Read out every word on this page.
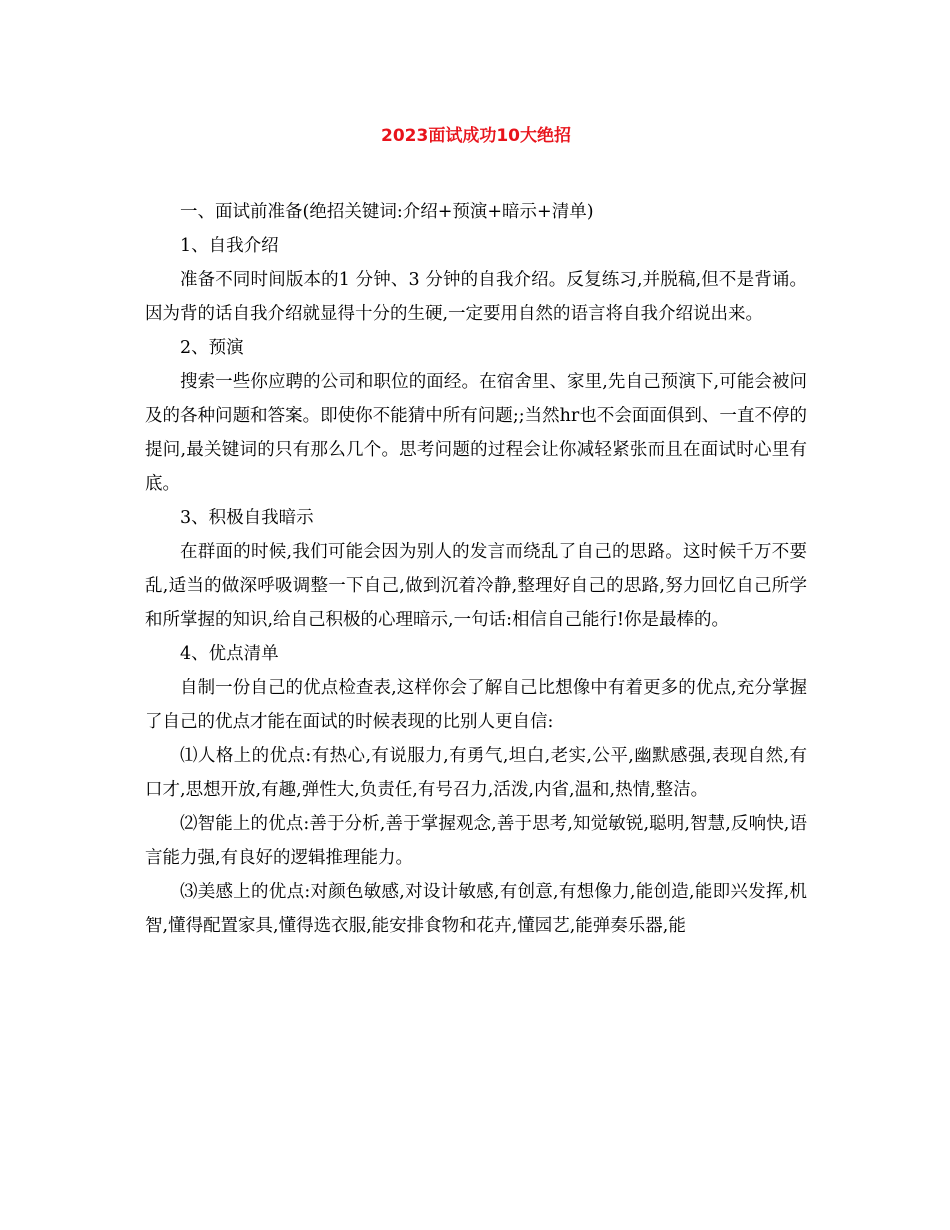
2023面试成功10大绝招

一、面试前准备(绝招关键词:介绍+预演+暗示+清单)

1、自我介绍

准备不同时间版本的1 分钟、3 分钟的自我介绍。反复练习,并脱稿,但不是背诵。因为背的话自我介绍就显得十分的生硬,一定要用自然的语言将自我介绍说出来。

2、预演

搜索一些你应聘的公司和职位的面经。在宿舍里、家里,先自己预演下,可能会被问及的各种问题和答案。即使你不能猜中所有问题;;当然hr也不会面面俱到、一直不停的提问,最关键词的只有那么几个。思考问题的过程会让你减轻紧张而且在面试时心里有底。

3、积极自我暗示

在群面的时候,我们可能会因为别人的发言而绕乱了自己的思路。这时候千万不要乱,适当的做深呼吸调整一下自己,做到沉着冷静,整理好自己的思路,努力回忆自己所学和所掌握的知识,给自己积极的心理暗示,一句话:相信自己能行!你是最棒的。

4、优点清单

自制一份自己的优点检查表,这样你会了解自己比想像中有着更多的优点,充分掌握了自己的优点才能在面试的时候表现的比别人更自信:

⑴人格上的优点:有热心,有说服力,有勇气,坦白,老实,公平,幽默感强,表现自然,有口才,思想开放,有趣,弹性大,负责任,有号召力,活泼,内省,温和,热情,整洁。

⑵智能上的优点:善于分析,善于掌握观念,善于思考,知觉敏锐,聪明,智慧,反响快,语言能力强,有良好的逻辑推理能力。

⑶美感上的优点:对颜色敏感,对设计敏感,有创意,有想像力,能创造,能即兴发挥,机智,懂得配置家具,懂得选衣服,能安排食物和花卉,懂园艺,能弹奏乐器,能
